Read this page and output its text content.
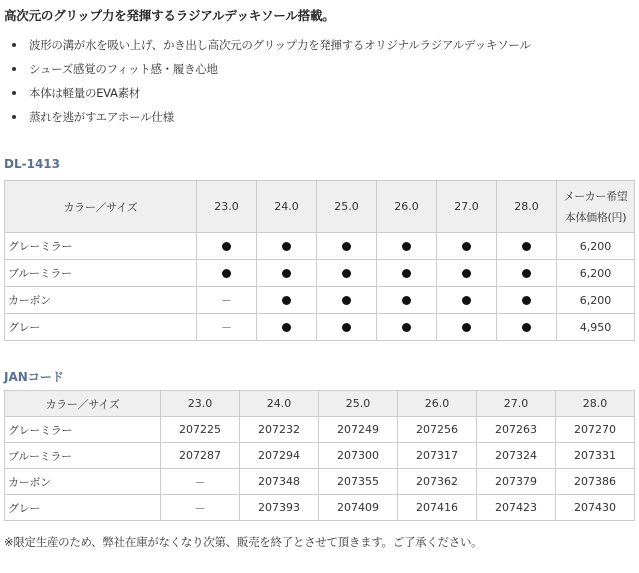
高次元のグリップ力を発揮するラジアルデッキソール搭載。
波形の溝が水を吸い上げ、かき出し高次元のグリップ力を発揮するオリジナルラジアルデッキソール
シューズ感覚のフィット感・履き心地
本体は軽量のEVA素材
蒸れを逃がすエアホール仕様
DL-1413
カラー／サイズ	23.0	24.0	25.0	26.0	27.0	28.0	メーカー希望
本体価格(円)

グレーミラー							6,200
ブルーミラー							6,200
カーボン	－						6,200
グレー	－						4,950
JANコード
カラー／サイズ	23.0	24.0	25.0	26.0	27.0	28.0
グレーミラー	207225	207232	207249	207256	207263	207270
ブルーミラー	207287	207294	207300	207317	207324	207331
カーボン	－	207348	207355	207362	207379	207386
グレー	－	207393	207409	207416	207423	207430
※限定生産のため、弊社在庫がなくなり次第、販売を終了とさせて頂きます。ご了承ください。
